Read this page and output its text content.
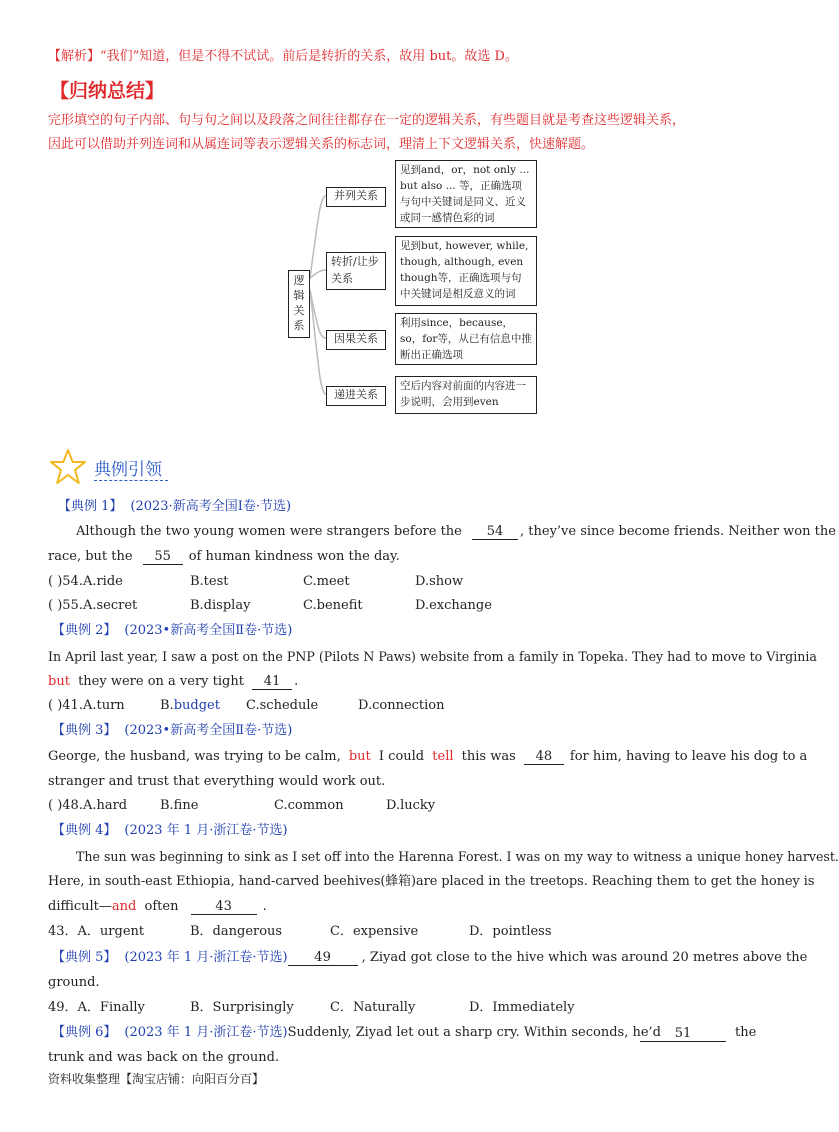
【解析】“我们”知道，但是不得不试试。前后是转折的关系，故用 but。故选 D。
【归纳总结】
完形填空的句子内部、句与句之间以及段落之间往往都存在一定的逻辑关系，有些题目就是考查这些逻辑关系，
因此可以借助并列连词和从属连词等表示逻辑关系的标志词，理清上下文逻辑关系，快速解题。
逻辑关系
并列关系
见到and，or，not only ... but also ... 等，正确选项与句中关键词是同义、近义或同一感情色彩的词
转折/让步关系
见到but, however, while, though, although, even though等，正确选项与句中关键词是相反意义的词
因果关系
利用since，because，so，for等，从已有信息中推断出正确选项
递进关系
空后内容对前面的内容进一步说明，会用到even
典例引领
【典例 1】 (2023·新高考全国Ⅰ卷·节选)
Although the two young women were strangers before the 54 , they’ve since become friends. Neither won the
race, but the 55 of human kindness won the day.
( )54.A.ride	B.test	C.meet	D.show
( )55.A.secret	B.display	C.benefit	D.exchange
【典例 2】 (2023•新高考全国Ⅱ卷·节选)
In April last year, I saw a post on the PNP (Pilots N Paws) website from a family in Topeka. They had to move to Virginia
but they were on a very tight 41 .
( )41.A.turn	B.budget C.schedule	D.connection
【典例 3】 (2023•新高考全国Ⅱ卷·节选)
George, the husband, was trying to be calm, but I could tell this was 48 for him, having to leave his dog to a
stranger and trust that everything would work out.
( )48.A.hard	B.fine	C.common	D.lucky
【典例 4】 (2023 年 1 月·浙江卷·节选)
The sun was beginning to sink as I set off into the Harenna Forest. I was on my way to witness a unique honey harvest.
Here, in south-east Ethiopia, hand-carved beehives(蜂箱)are placed in the treetops. Reaching them to get the honey is
difficult—and often	43 .
43．A．urgent	B．dangerous	C．expensive	D．pointless
【典例 5】 (2023 年 1 月·浙江卷·节选) 49 , Ziyad got close to the hive which was around 20 metres above the
ground.
49．A．Finally	B．Surprisingly	C．Naturally	D．Immediately
【典例 6】 (2023 年 1 月·浙江卷·节选)Suddenly, Ziyad let out a sharp cry. Within seconds, he’d	51	the
trunk and was back on the ground.
资料收集整理【淘宝店铺：向阳百分百】
